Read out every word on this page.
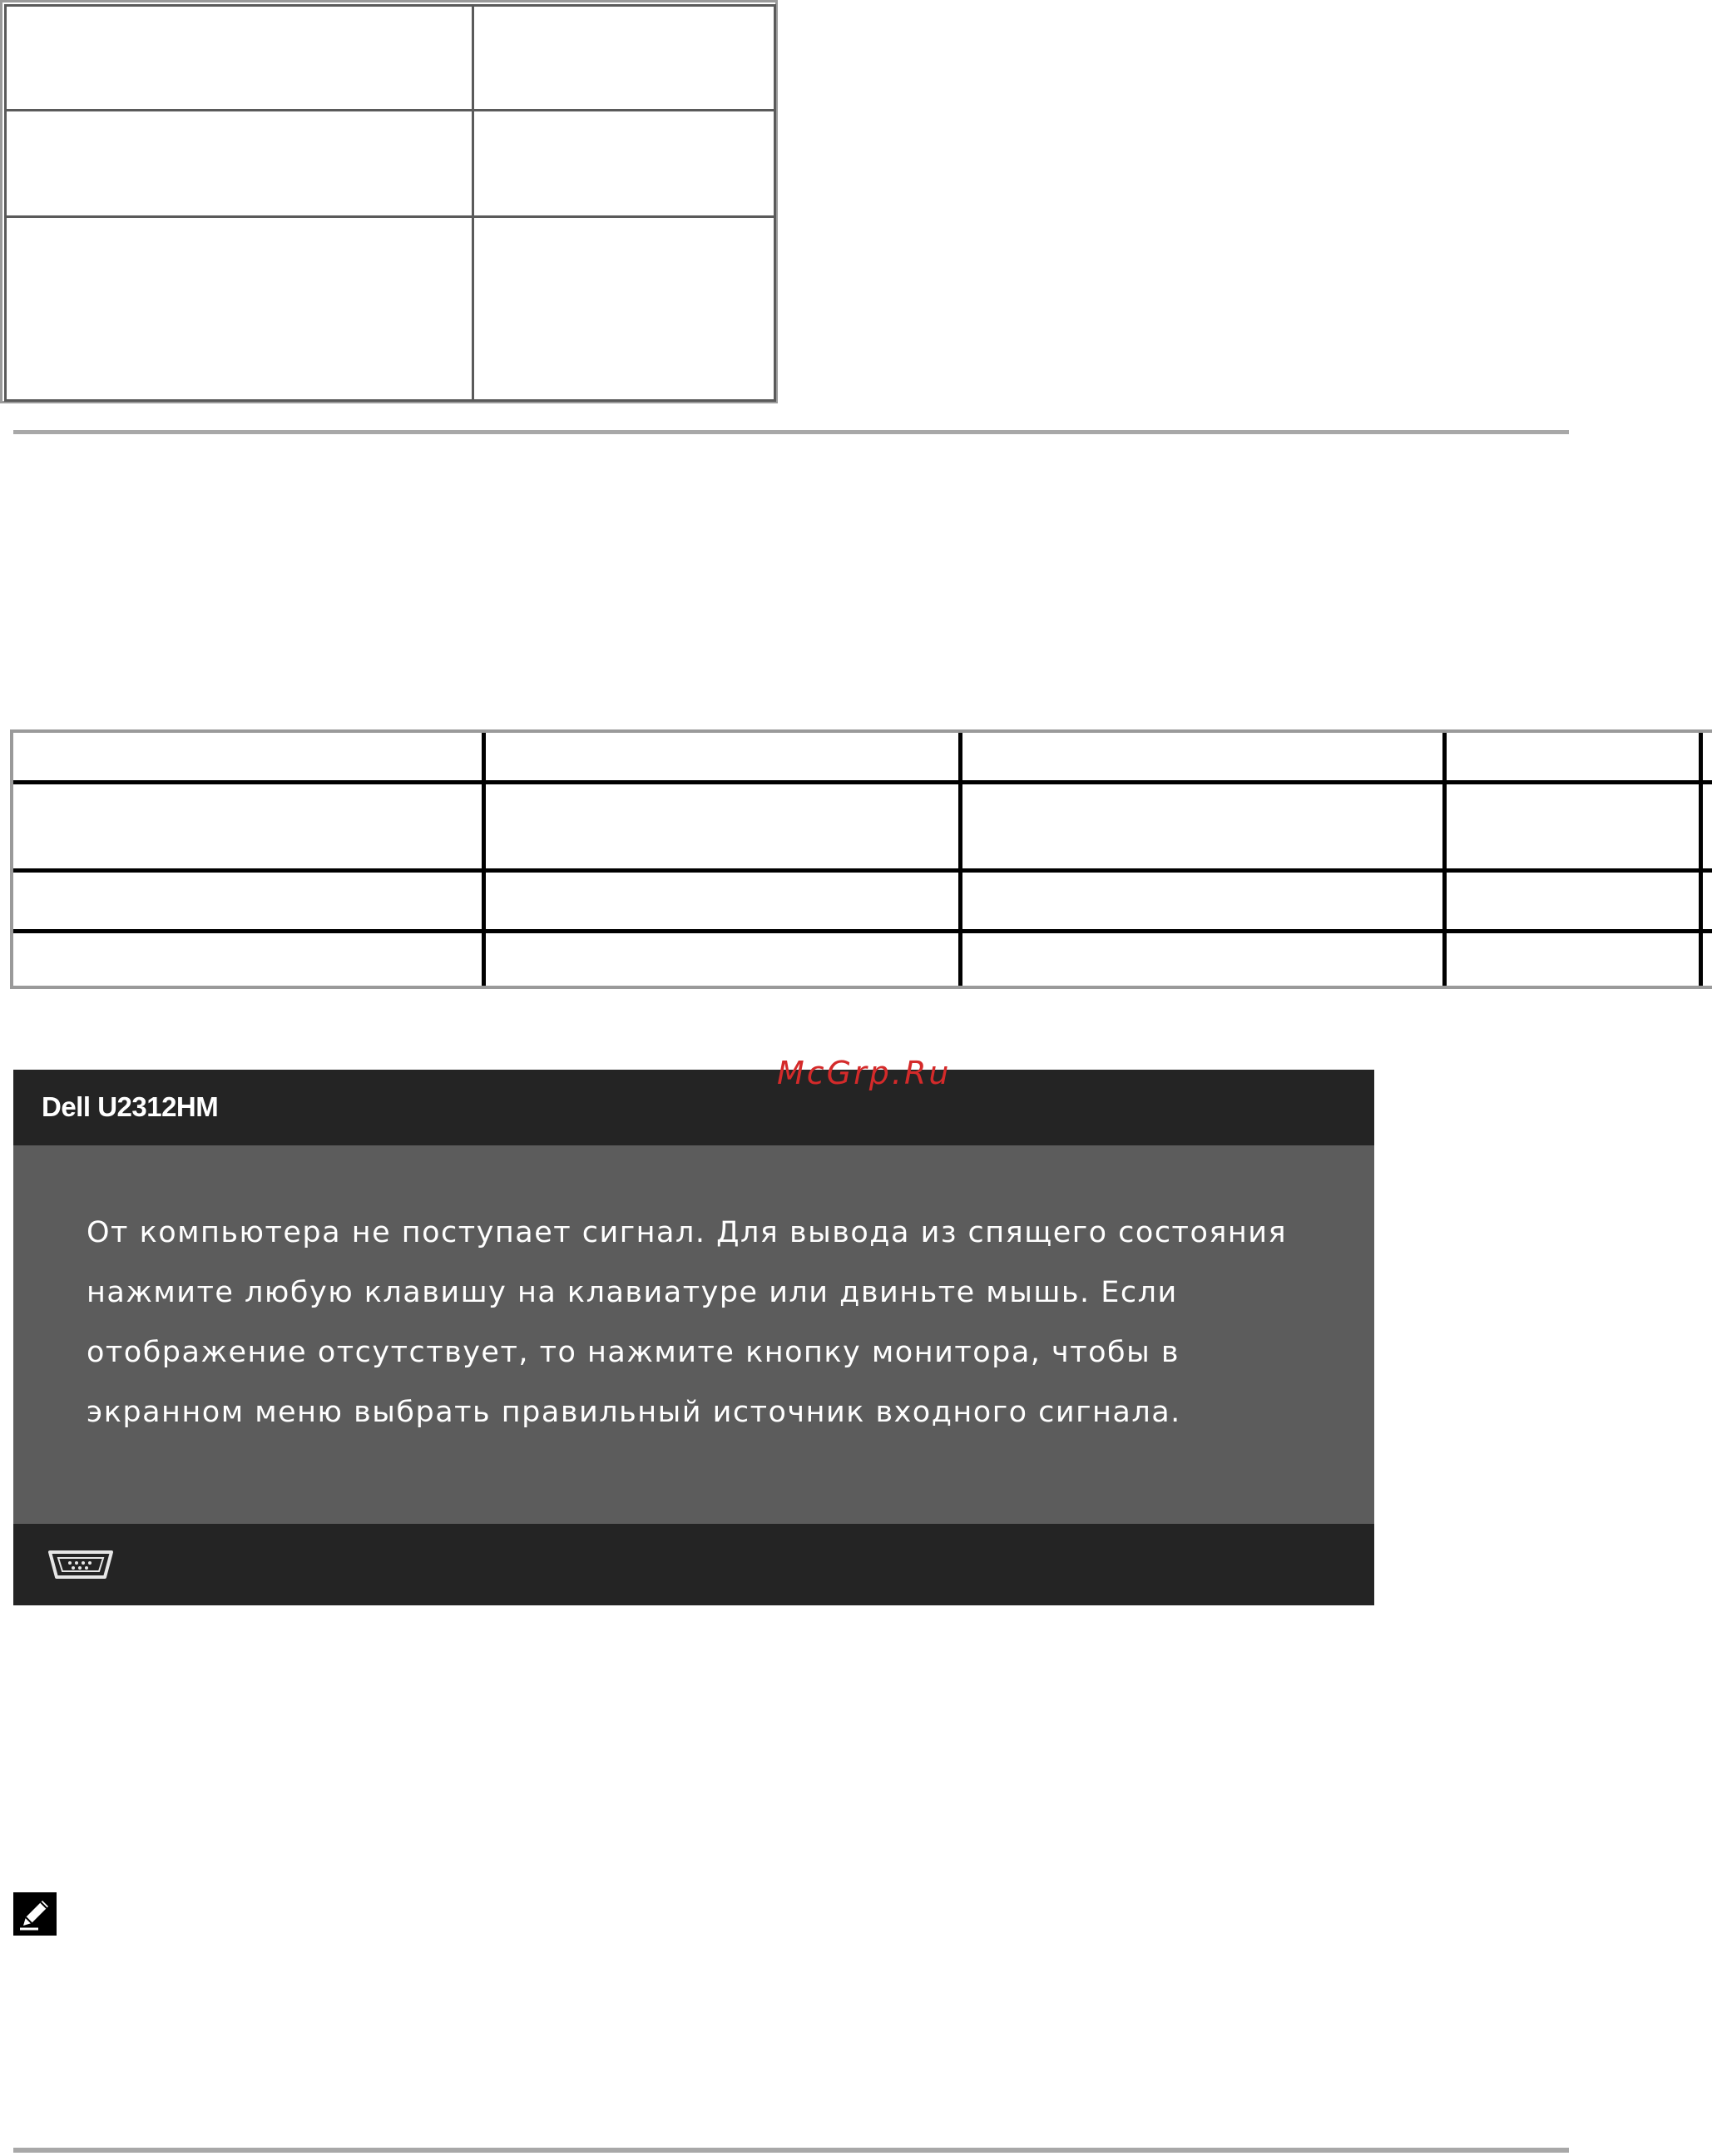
Dell U2312HM

От компьютера не поступает сигнал. Для вывода из спящего состояния
нажмите любую клавишу на клавиатуре или двиньте мышь. Если
отображение отсутствует, то нажмите кнопку монитора, чтобы в
экранном меню выбрать правильный источник входного сигнала.

McGrp.Ru
